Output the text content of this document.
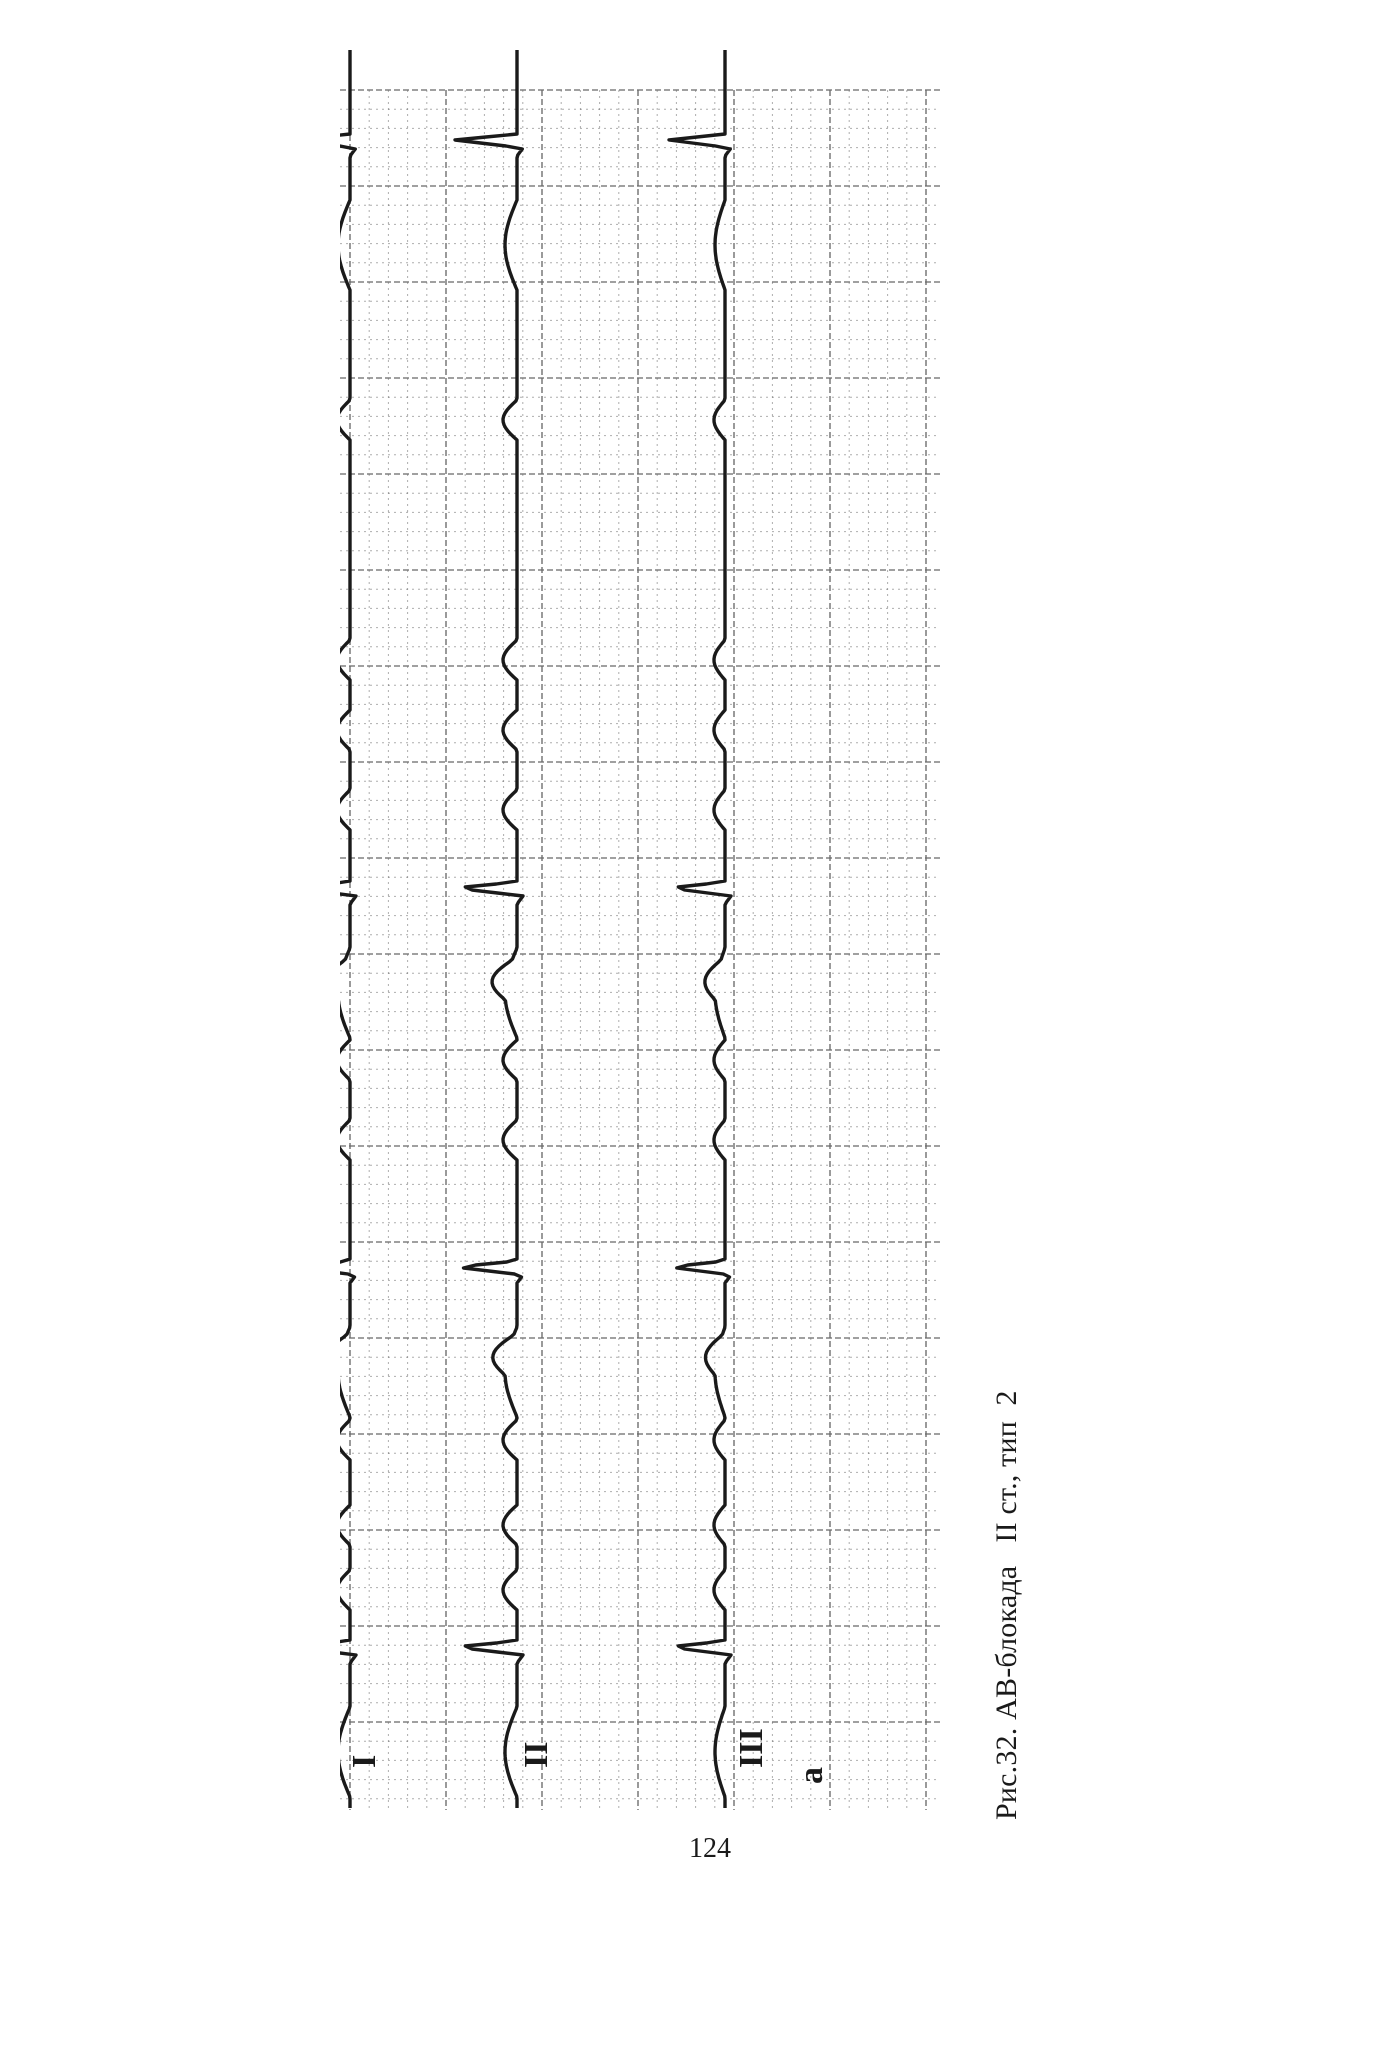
I	II	III
a
124
Рис.32. АВ-блокада   II ст., тип  2
